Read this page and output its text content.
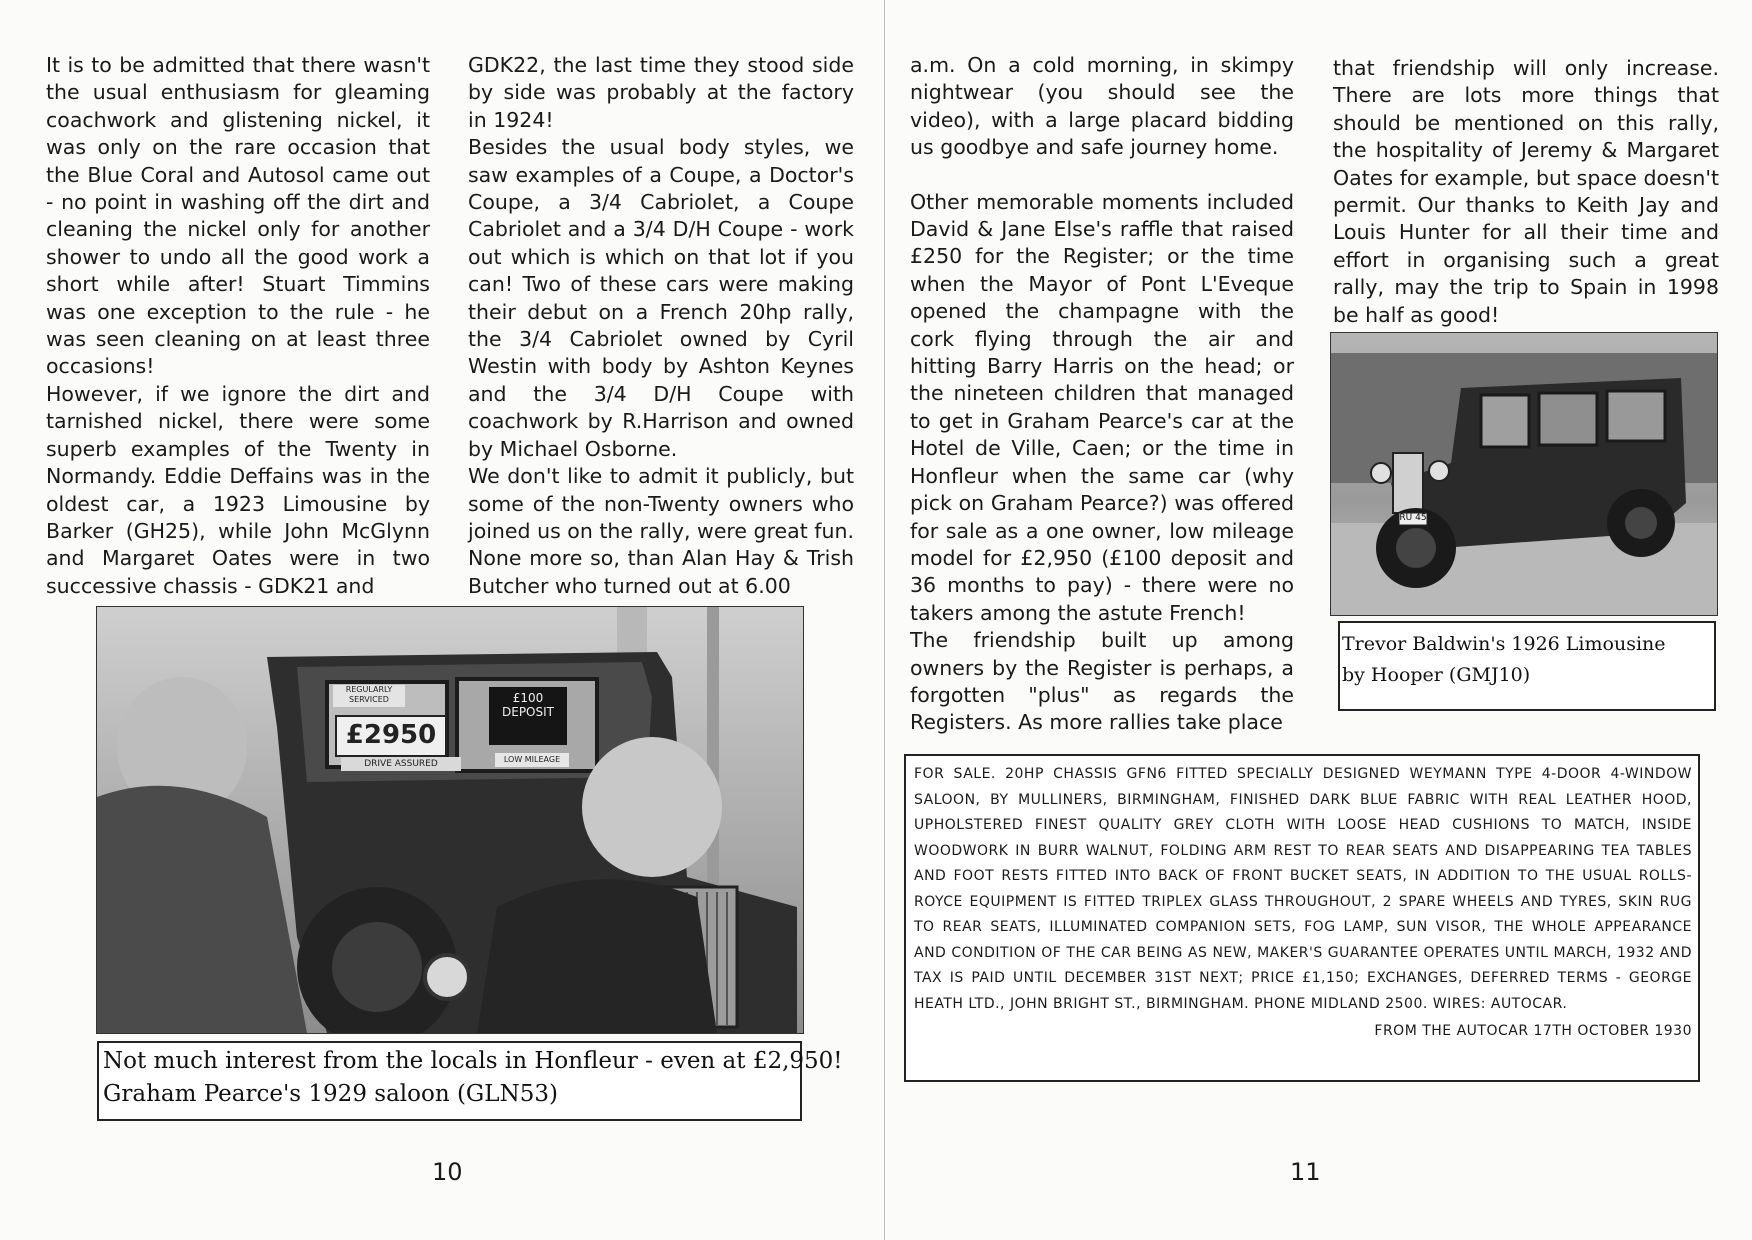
It is to be admitted that there wasn't the usual enthusiasm for gleaming coachwork and glistening nickel, it was only on the rare occasion that the Blue Coral and Autosol came out - no point in washing off the dirt and cleaning the nickel only for another shower to undo all the good work a short while after! Stuart Timmins was one exception to the rule - he was seen cleaning on at least three occasions!

However, if we ignore the dirt and tarnished nickel, there were some superb examples of the Twenty in Normandy. Eddie Deffains was in the oldest car, a 1923 Limousine by Barker (GH25), while John McGlynn and Margaret Oates were in two successive chassis - GDK21 and

GDK22, the last time they stood side by side was probably at the factory in 1924!

Besides the usual body styles, we saw examples of a Coupe, a Doctor's Coupe, a 3/4 Cabriolet, a Coupe Cabriolet and a 3/4 D/H Coupe - work out which is which on that lot if you can! Two of these cars were making their debut on a French 20hp rally, the 3/4 Cabriolet owned by Cyril Westin with body by Ashton Keynes and the 3/4 D/H Coupe with coachwork by R.Harrison and owned by Michael Osborne.

We don't like to admit it publicly, but some of the non-Twenty owners who joined us on the rally, were great fun. None more so, than Alan Hay & Trish Butcher who turned out at 6.00

£2950
REGULARLY SERVICED
DRIVE ASSURED
£100 DEPOSIT
LOW MILEAGE
Not much interest from the locals in Honfleur - even at £2,950!
Graham Pearce's 1929 saloon (GLN53)
10

a.m. On a cold morning, in skimpy nightwear (you should see the video), with a large placard bidding us goodbye and safe journey home.

Other memorable moments included David & Jane Else's raffle that raised £250 for the Register; or the time when the Mayor of Pont L'Eveque opened the champagne with the cork flying through the air and hitting Barry Harris on the head; or the nineteen children that managed to get in Graham Pearce's car at the Hotel de Ville, Caen; or the time in Honfleur when the same car (why pick on Graham Pearce?) was offered for sale as a one owner, low mileage model for £2,950 (£100 deposit and 36 months to pay) - there were no takers among the astute French!

The friendship built up among owners by the Register is perhaps, a forgotten "plus" as regards the Registers. As more rallies take place

that friendship will only increase. There are lots more things that should be mentioned on this rally, the hospitality of Jeremy & Margaret Oates for example, but space doesn't permit. Our thanks to Keith Jay and Louis Hunter for all their time and effort in organising such a great rally, may the trip to Spain in 1998 be half as good!

RU 45
Trevor Baldwin's 1926 Limousine
by Hooper (GMJ10)
FOR SALE. 20HP CHASSIS GFN6 FITTED SPECIALLY DESIGNED WEYMANN TYPE 4-DOOR 4-WINDOW SALOON, BY MULLINERS, BIRMINGHAM, FINISHED DARK BLUE FABRIC WITH REAL LEATHER HOOD, UPHOLSTERED FINEST QUALITY GREY CLOTH WITH LOOSE HEAD CUSHIONS TO MATCH, INSIDE WOODWORK IN BURR WALNUT, FOLDING ARM REST TO REAR SEATS AND DISAPPEARING TEA TABLES AND FOOT RESTS FITTED INTO BACK OF FRONT BUCKET SEATS, IN ADDITION TO THE USUAL ROLLS-ROYCE EQUIPMENT IS FITTED TRIPLEX GLASS THROUGHOUT, 2 SPARE WHEELS AND TYRES, SKIN RUG TO REAR SEATS, ILLUMINATED COMPANION SETS, FOG LAMP, SUN VISOR, THE WHOLE APPEARANCE AND CONDITION OF THE CAR BEING AS NEW, MAKER'S GUARANTEE OPERATES UNTIL MARCH, 1932 AND TAX IS PAID UNTIL DECEMBER 31ST NEXT; PRICE £1,150; EXCHANGES, DEFERRED TERMS - GEORGE HEATH LTD., JOHN BRIGHT ST., BIRMINGHAM. PHONE MIDLAND 2500. WIRES: AUTOCAR.
FROM THE AUTOCAR 17TH OCTOBER 1930
11
